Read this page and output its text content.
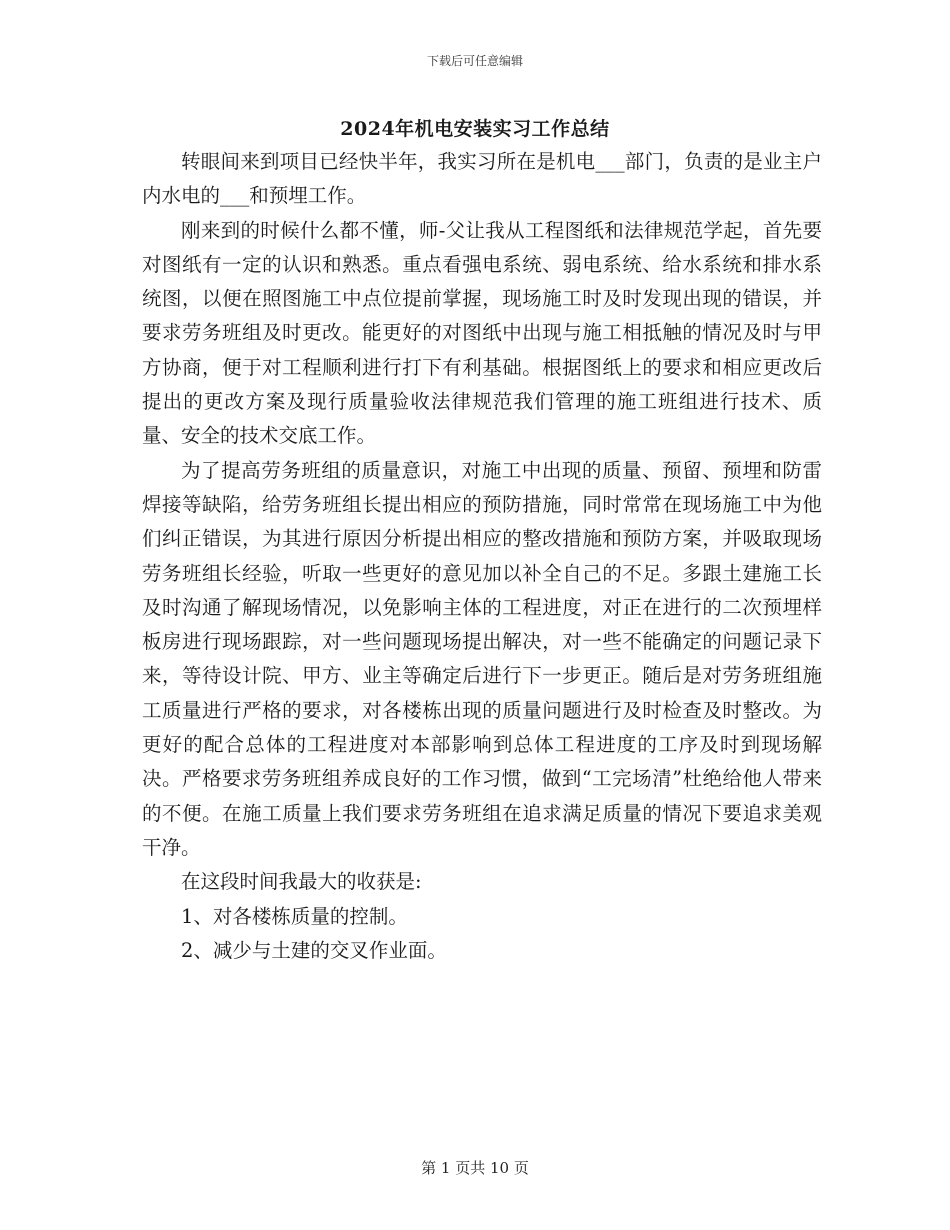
下载后可任意编辑
2024年机电安装实习工作总结

转眼间来到项目已经快半年，我实习所在是机电___部门，负责的是业主户内水电的___和预埋工作。

刚来到的时候什么都不懂，师-父让我从工程图纸和法律规范学起，首先要对图纸有一定的认识和熟悉。重点看强电系统、弱电系统、给水系统和排水系统图，以便在照图施工中点位提前掌握，现场施工时及时发现出现的错误，并要求劳务班组及时更改。能更好的对图纸中出现与施工相抵触的情况及时与甲方协商，便于对工程顺利进行打下有利基础。根据图纸上的要求和相应更改后提出的更改方案及现行质量验收法律规范我们管理的施工班组进行技术、质量、安全的技术交底工作。

为了提高劳务班组的质量意识，对施工中出现的质量、预留、预埋和防雷焊接等缺陷，给劳务班组长提出相应的预防措施，同时常常在现场施工中为他们纠正错误，为其进行原因分析提出相应的整改措施和预防方案，并吸取现场劳务班组长经验，听取一些更好的意见加以补全自己的不足。多跟土建施工长及时沟通了解现场情况，以免影响主体的工程进度，对正在进行的二次预埋样板房进行现场跟踪，对一些问题现场提出解决，对一些不能确定的问题记录下来，等待设计院、甲方、业主等确定后进行下一步更正。随后是对劳务班组施工质量进行严格的要求，对各楼栋出现的质量问题进行及时检查及时整改。为更好的配合总体的工程进度对本部影响到总体工程进度的工序及时到现场解决。严格要求劳务班组养成良好的工作习惯，做到“工完场清”杜绝给他人带来的不便。在施工质量上我们要求劳务班组在追求满足质量的情况下要追求美观干净。

在这段时间我最大的收获是:

1、对各楼栋质量的控制。

2、减少与土建的交叉作业面。

第 1 页共 10 页
